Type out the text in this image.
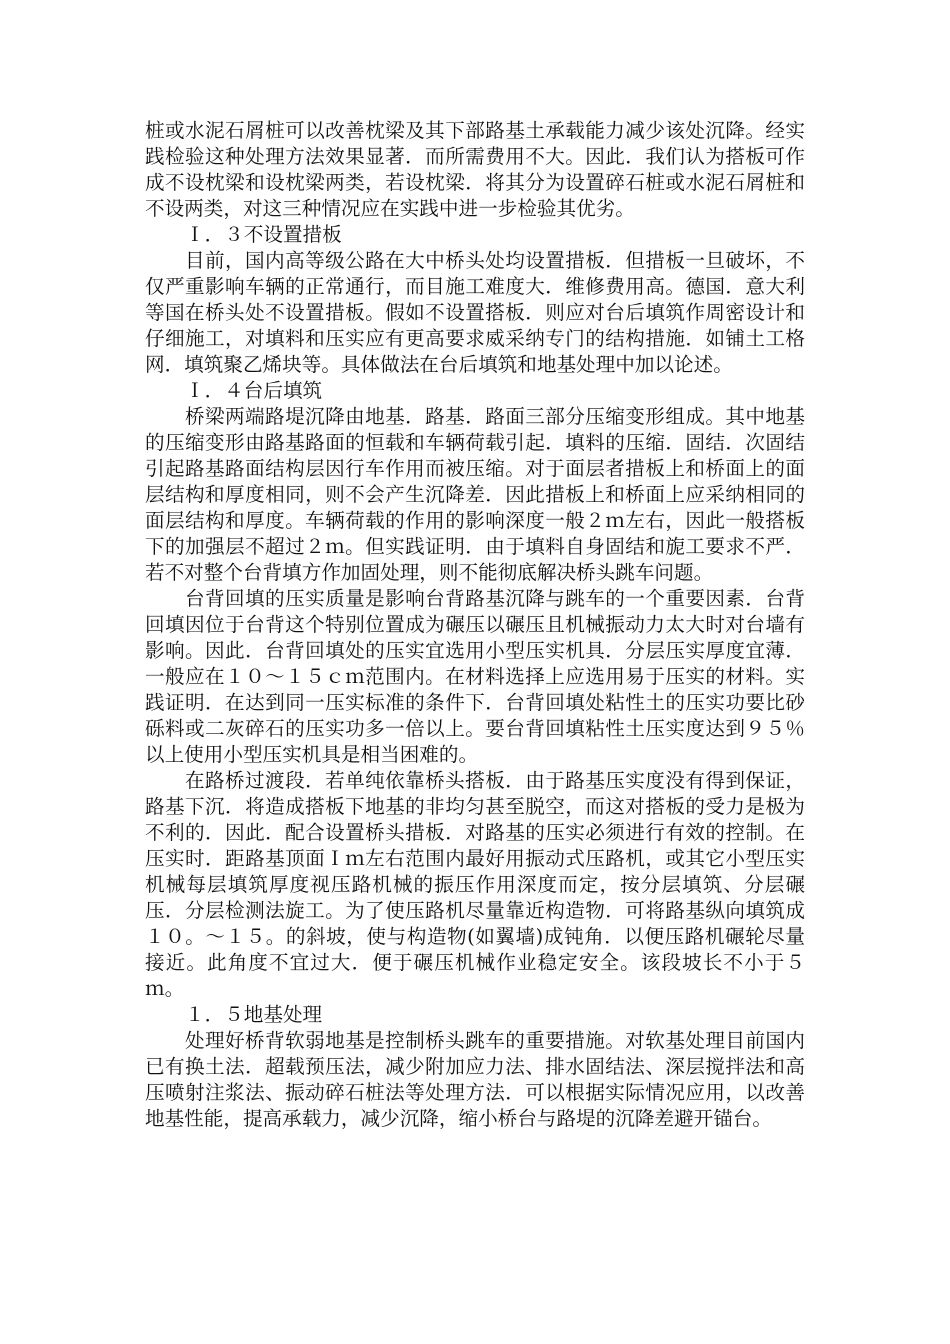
桩或水泥石屑桩可以改善枕梁及其下部路基土承载能力减少该处沉降。经实践检验这种处理方法效果显著．而所需费用不大。因此．我们认为搭板可作成不设枕梁和设枕梁两类，若设枕梁．将其分为设置碎石桩或水泥石屑桩和不设两类，对这三种情况应在实践中进一步检验其优劣。

Ｉ．３不设置措板

目前，国内高等级公路在大中桥头处均设置措板．但措板一旦破坏，不仅严重影响车辆的正常通行，而目施工难度大．维修费用高。德国．意大利等国在桥头处不设置措板。假如不设置搭板．则应对台后填筑作周密设计和仔细施工，对填料和压实应有更高要求威采纳专门的结构措施．如铺土工格网．填筑聚乙烯块等。具体做法在台后填筑和地基处理中加以论述。

Ｉ．４台后填筑

桥梁两端路堤沉降由地基．路基．路面三部分压缩变形组成。其中地基的压缩变形由路基路面的恒载和车辆荷载引起．填料的压缩．固结．次固结引起路基路面结构层因行车作用而被压缩。对于面层者措板上和桥面上的面层结构和厚度相同，则不会产生沉降差．因此措板上和桥面上应采纳相同的面层结构和厚度。车辆荷载的作用的影响深度一般２ｍ左右，因此一般搭板下的加强层不超过２ｍ。但实践证明．由于填料自身固结和旎工要求不严．若不对整个台背填方作加固处理，则不能彻底解决桥头跳车问题。

台背回填的压实质量是影响台背路基沉降与跳车的一个重要因素．台背回填因位于台背这个特别位置成为碾压以碾压且机械振动力太大时对台墙有影响。因此．台背回填处的压实宜选用小型压实机具．分层压实厚度宜薄．一般应在１０～１５ｃｍ范围内。在材料选择上应选用易于压实的材料。实践证明．在达到同一压实标准的条件下．台背回填处粘性土的压实功要比砂砾料或二灰碎石的压实功多一倍以上。要台背回填粘性土压实度达到９５％以上使用小型压实机具是相当困难的。

在路桥过渡段．若单纯依靠桥头搭板．由于路基压实度没有得到保证，路基下沉．将造成搭板下地基的非均匀甚至脱空，而这对搭板的受力是极为不利的．因此．配合设置桥头措板．对路基的压实必须进行有效的控制。在压实时．距路基顶面Ｉｍ左右范围内最好用振动式压路机，或其它小型压实机械每层填筑厚度视压路机械的振压作用深度而定，按分层填筑、分层碾压．分层检测法旋工。为了使压路机尽量靠近构造物．可将路基纵向填筑成１０。～１５。的斜坡，使与构造物(如翼墙)成钝角．以便压路机碾轮尽量接近。此角度不宜过大．便于碾压机械作业稳定安全。该段坡长不小于５ｍ。

１．５地基处理

处理好桥背软弱地基是控制桥头跳车的重要措施。对软基处理目前国内已有换土法．超载预压法，减少附加应力法、排水固结法、深层搅拌法和高压喷射注浆法、振动碎石桩法等处理方法．可以根据实际情况应用，以改善地基性能，提高承载力，减少沉降，缩小桥台与路堤的沉降差避开锚台。
